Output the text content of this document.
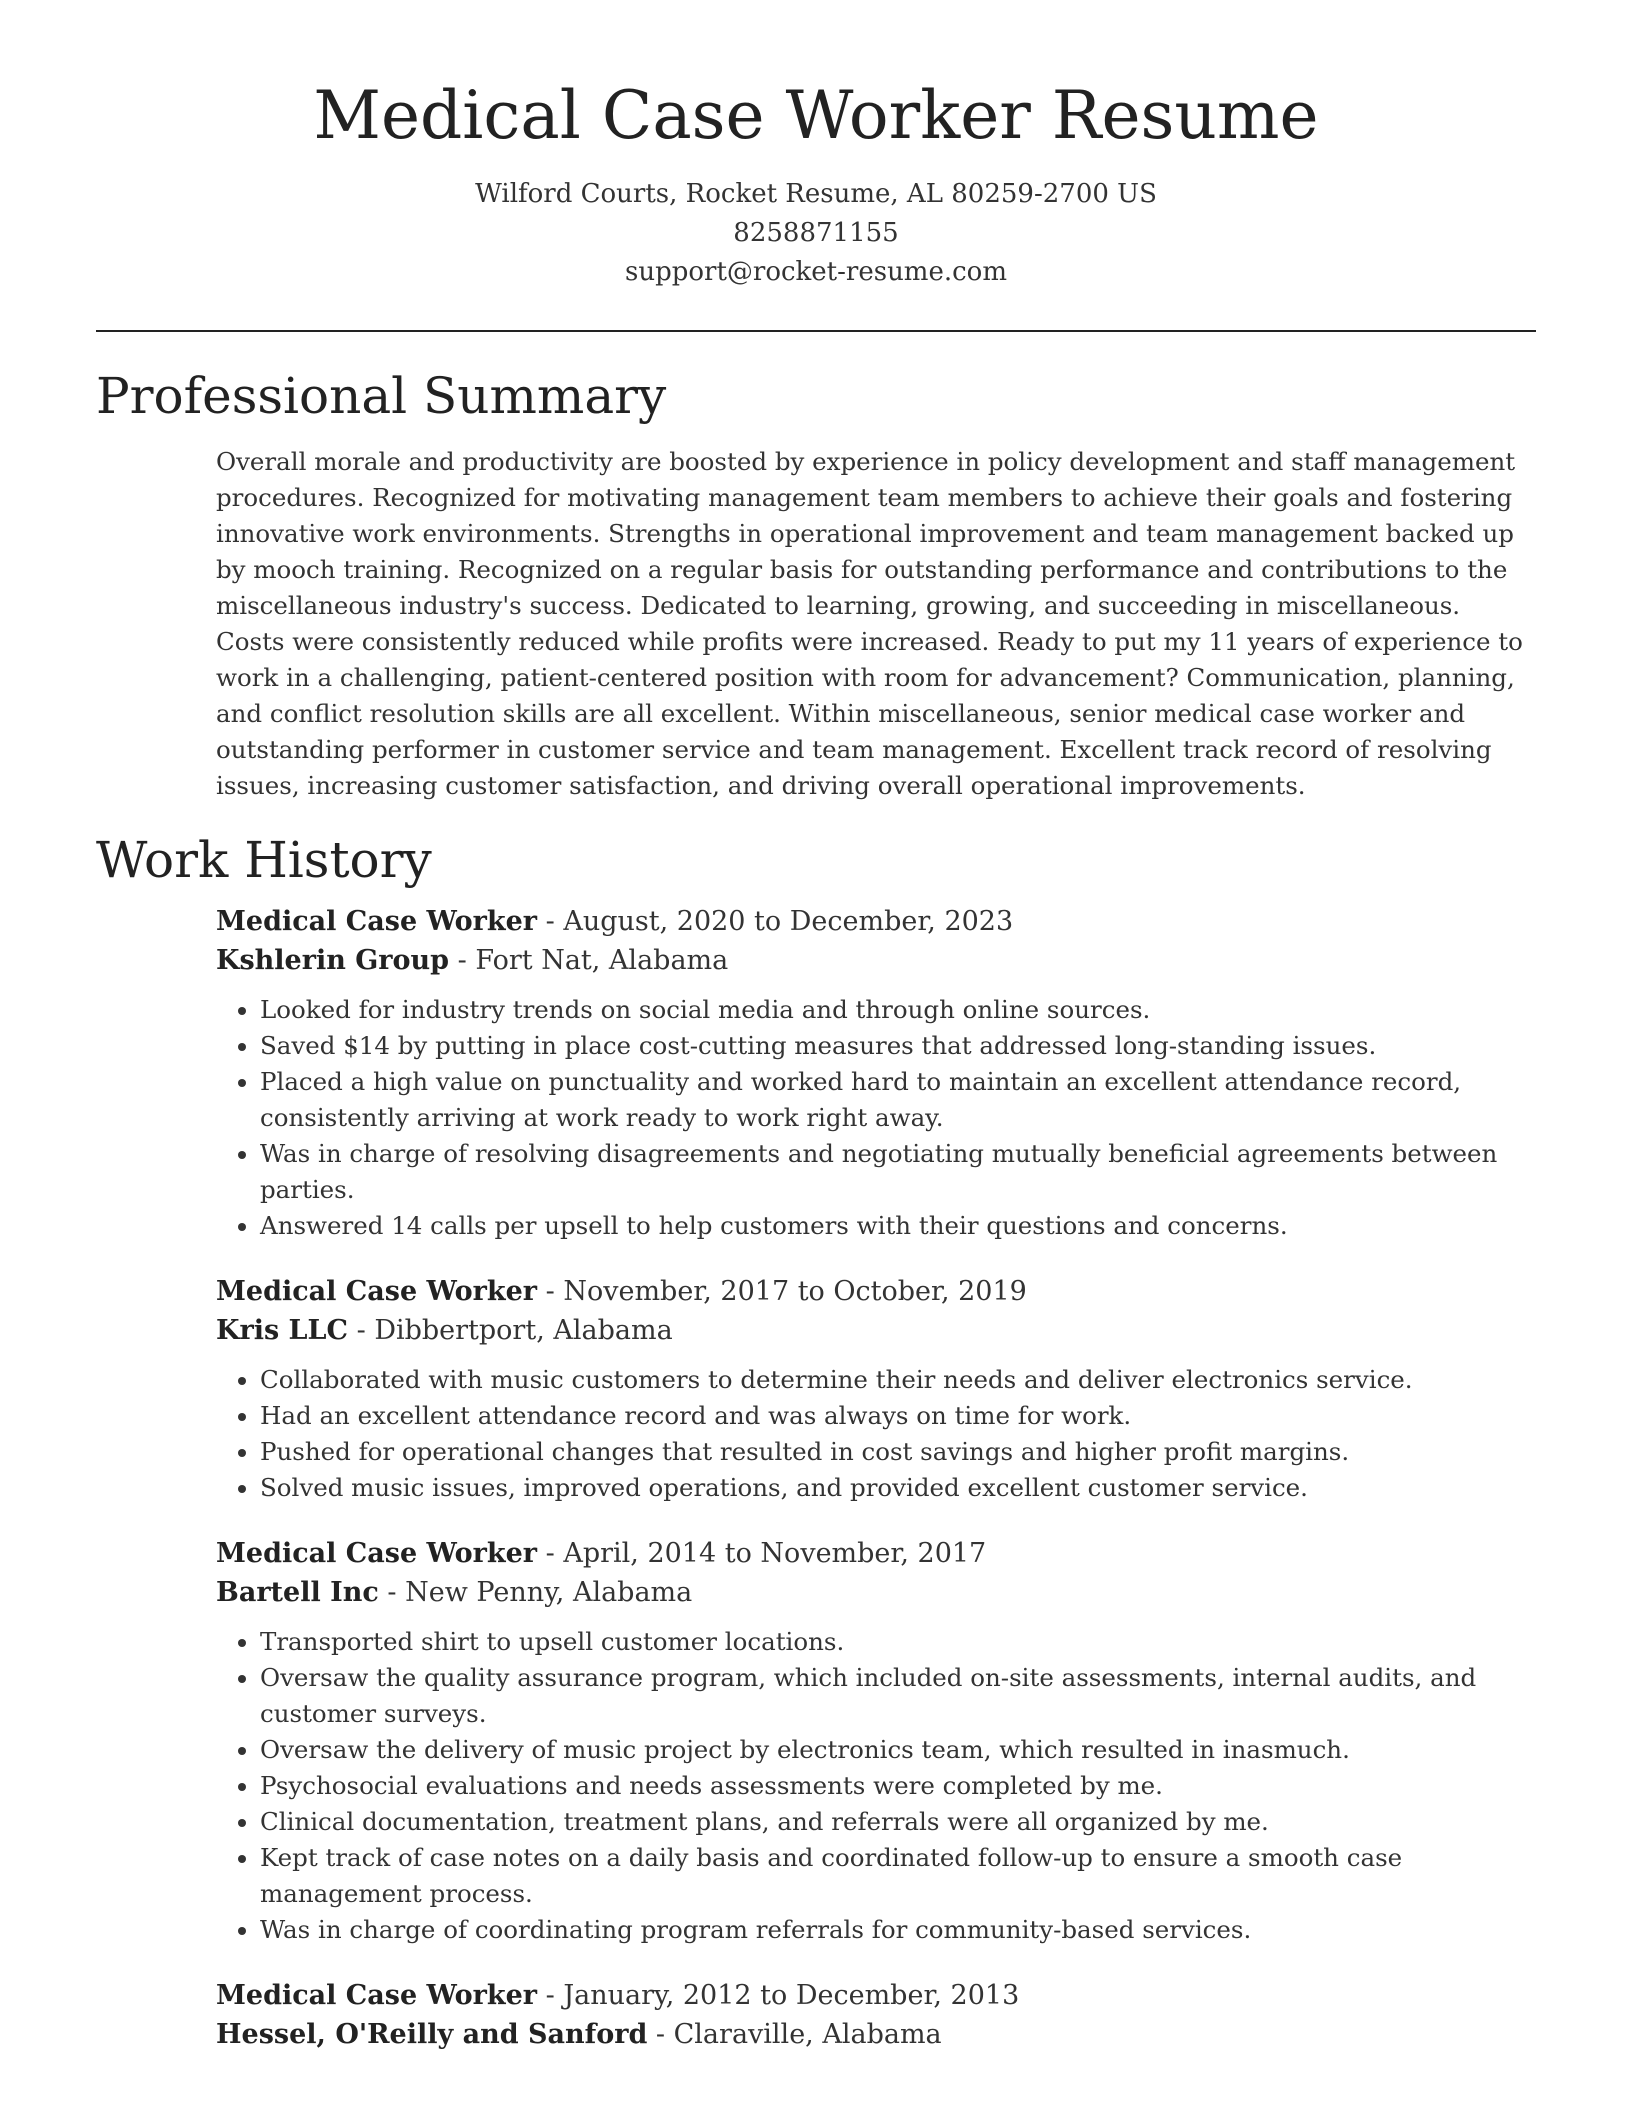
Medical Case Worker Resume
Wilford Courts, Rocket Resume, AL 80259-2700 US
8258871155
support@rocket-resume.com
Professional Summary

Overall morale and productivity are boosted by experience in policy development and staff management procedures. Recognized for motivating management team members to achieve their goals and fostering innovative work environments. Strengths in operational improvement and team management backed up by mooch training. Recognized on a regular basis for outstanding performance and contributions to the miscellaneous industry's success. Dedicated to learning, growing, and succeeding in miscellaneous. Costs were consistently reduced while profits were increased. Ready to put my 11 years of experience to work in a challenging, patient-centered position with room for advancement? Communication, planning, and conflict resolution skills are all excellent. Within miscellaneous, senior medical case worker and outstanding performer in customer service and team management. Excellent track record of resolving issues, increasing customer satisfaction, and driving overall operational improvements.

Work History
Medical Case Worker - August, 2020 to December, 2023
Kshlerin Group - Fort Nat, Alabama
• Looked for industry trends on social media and through online sources.
• Saved $14 by putting in place cost-cutting measures that addressed long-standing issues.
• Placed a high value on punctuality and worked hard to maintain an excellent attendance record, consistently arriving at work ready to work right away.
• Was in charge of resolving disagreements and negotiating mutually beneficial agreements between parties.
• Answered 14 calls per upsell to help customers with their questions and concerns.
Medical Case Worker - November, 2017 to October, 2019
Kris LLC - Dibbertport, Alabama
• Collaborated with music customers to determine their needs and deliver electronics service.
• Had an excellent attendance record and was always on time for work.
• Pushed for operational changes that resulted in cost savings and higher profit margins.
• Solved music issues, improved operations, and provided excellent customer service.
Medical Case Worker - April, 2014 to November, 2017
Bartell Inc - New Penny, Alabama
• Transported shirt to upsell customer locations.
• Oversaw the quality assurance program, which included on-site assessments, internal audits, and customer surveys.
• Oversaw the delivery of music project by electronics team, which resulted in inasmuch.
• Psychosocial evaluations and needs assessments were completed by me.
• Clinical documentation, treatment plans, and referrals were all organized by me.
• Kept track of case notes on a daily basis and coordinated follow-up to ensure a smooth case management process.
• Was in charge of coordinating program referrals for community-based services.
Medical Case Worker - January, 2012 to December, 2013
Hessel, O'Reilly and Sanford - Claraville, Alabama
